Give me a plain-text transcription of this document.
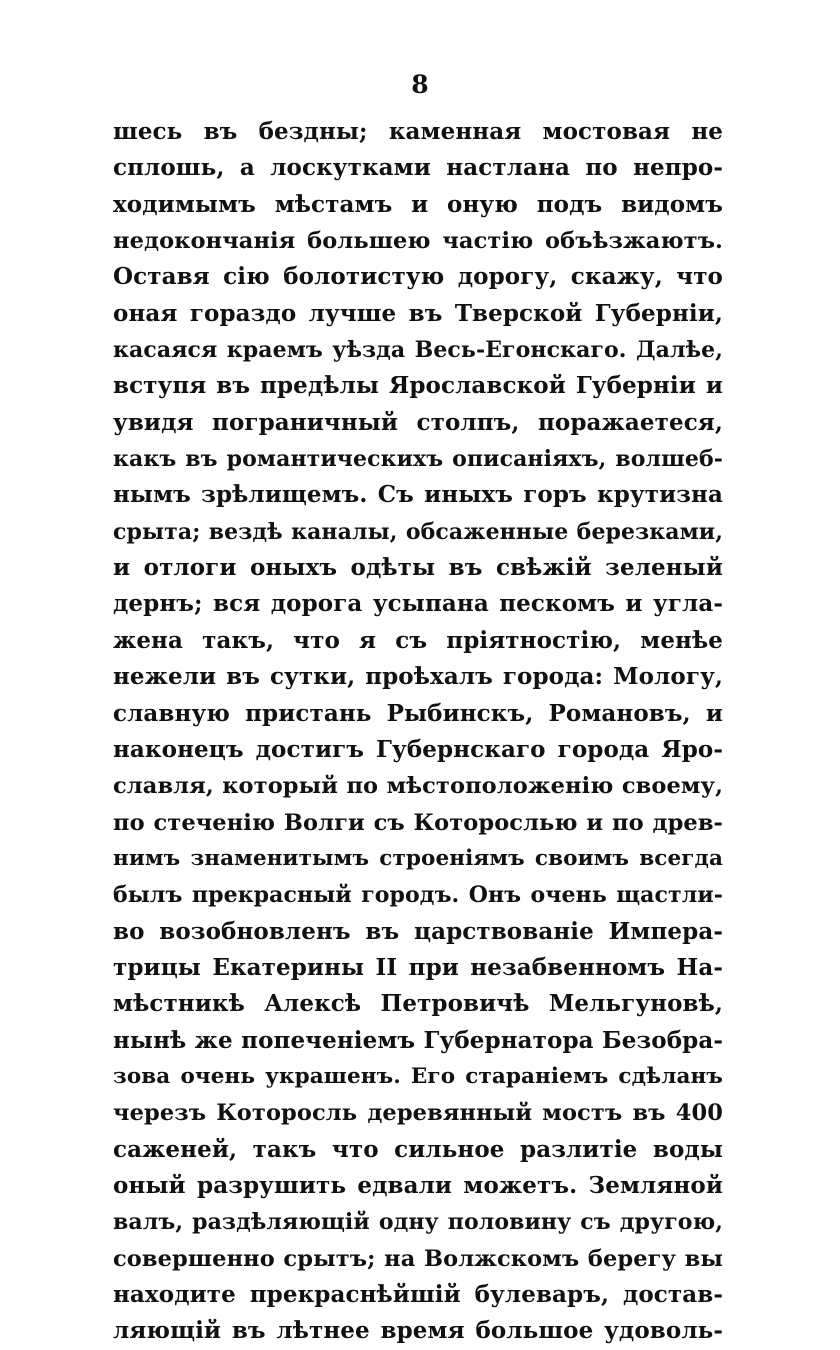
8
шесь въ бездны; каменная мостовая не
сплошь, а лоскутками настлана по непро-
ходимымъ мѣстамъ и оную подъ видомъ
недокончанія большею частію объѣзжаютъ.
Оставя сію болотистую дорогу, скажу, что
оная гораздо лучше въ Тверской Губерніи,
касаяся краемъ уѣзда Весь-Егонскаго. Далѣе,
вступя въ предѣлы Ярославской Губерніи и
увидя пограничный столпъ, поражаетеся,
какъ въ романтическихъ описаніяхъ, волшеб-
нымъ зрѣлищемъ. Съ иныхъ горъ крутизна
срыта; вездѣ каналы, обсаженные березками,
и отлоги оныхъ одѣты въ свѣжій зеленый
дернъ; вся дорога усыпана пескомъ и угла-
жена такъ, что я съ пріятностію, менѣе
нежели въ сутки, проѣхалъ города: Мологу,
славную пристань Рыбинскъ, Романовъ, и
наконецъ достигъ Губернскаго города Яро-
славля, который по мѣстоположенію своему,
по стеченію Волги съ Которослью и по древ-
нимъ знаменитымъ строеніямъ своимъ всегда
былъ прекрасный городъ. Онъ очень щастли-
во возобновленъ въ царствованіе Импера-
трицы Екатерины II при незабвенномъ На-
мѣстникѣ Алексѣ Петровичѣ Мельгуновѣ,
нынѣ же попеченіемъ Губернатора Безобра-
зова очень украшенъ. Его стараніемъ сдѣланъ
черезъ Которосль деревянный мостъ въ 400
саженей, такъ что сильное разлитіе воды
оный разрушить едвали можетъ. Земляной
валъ, раздѣляющій одну половину съ другою,
совершенно срытъ; на Волжскомъ берегу вы
находите прекраснѣйшій булеваръ, достав-
ляющій въ лѣтнее время большое удоволь-
